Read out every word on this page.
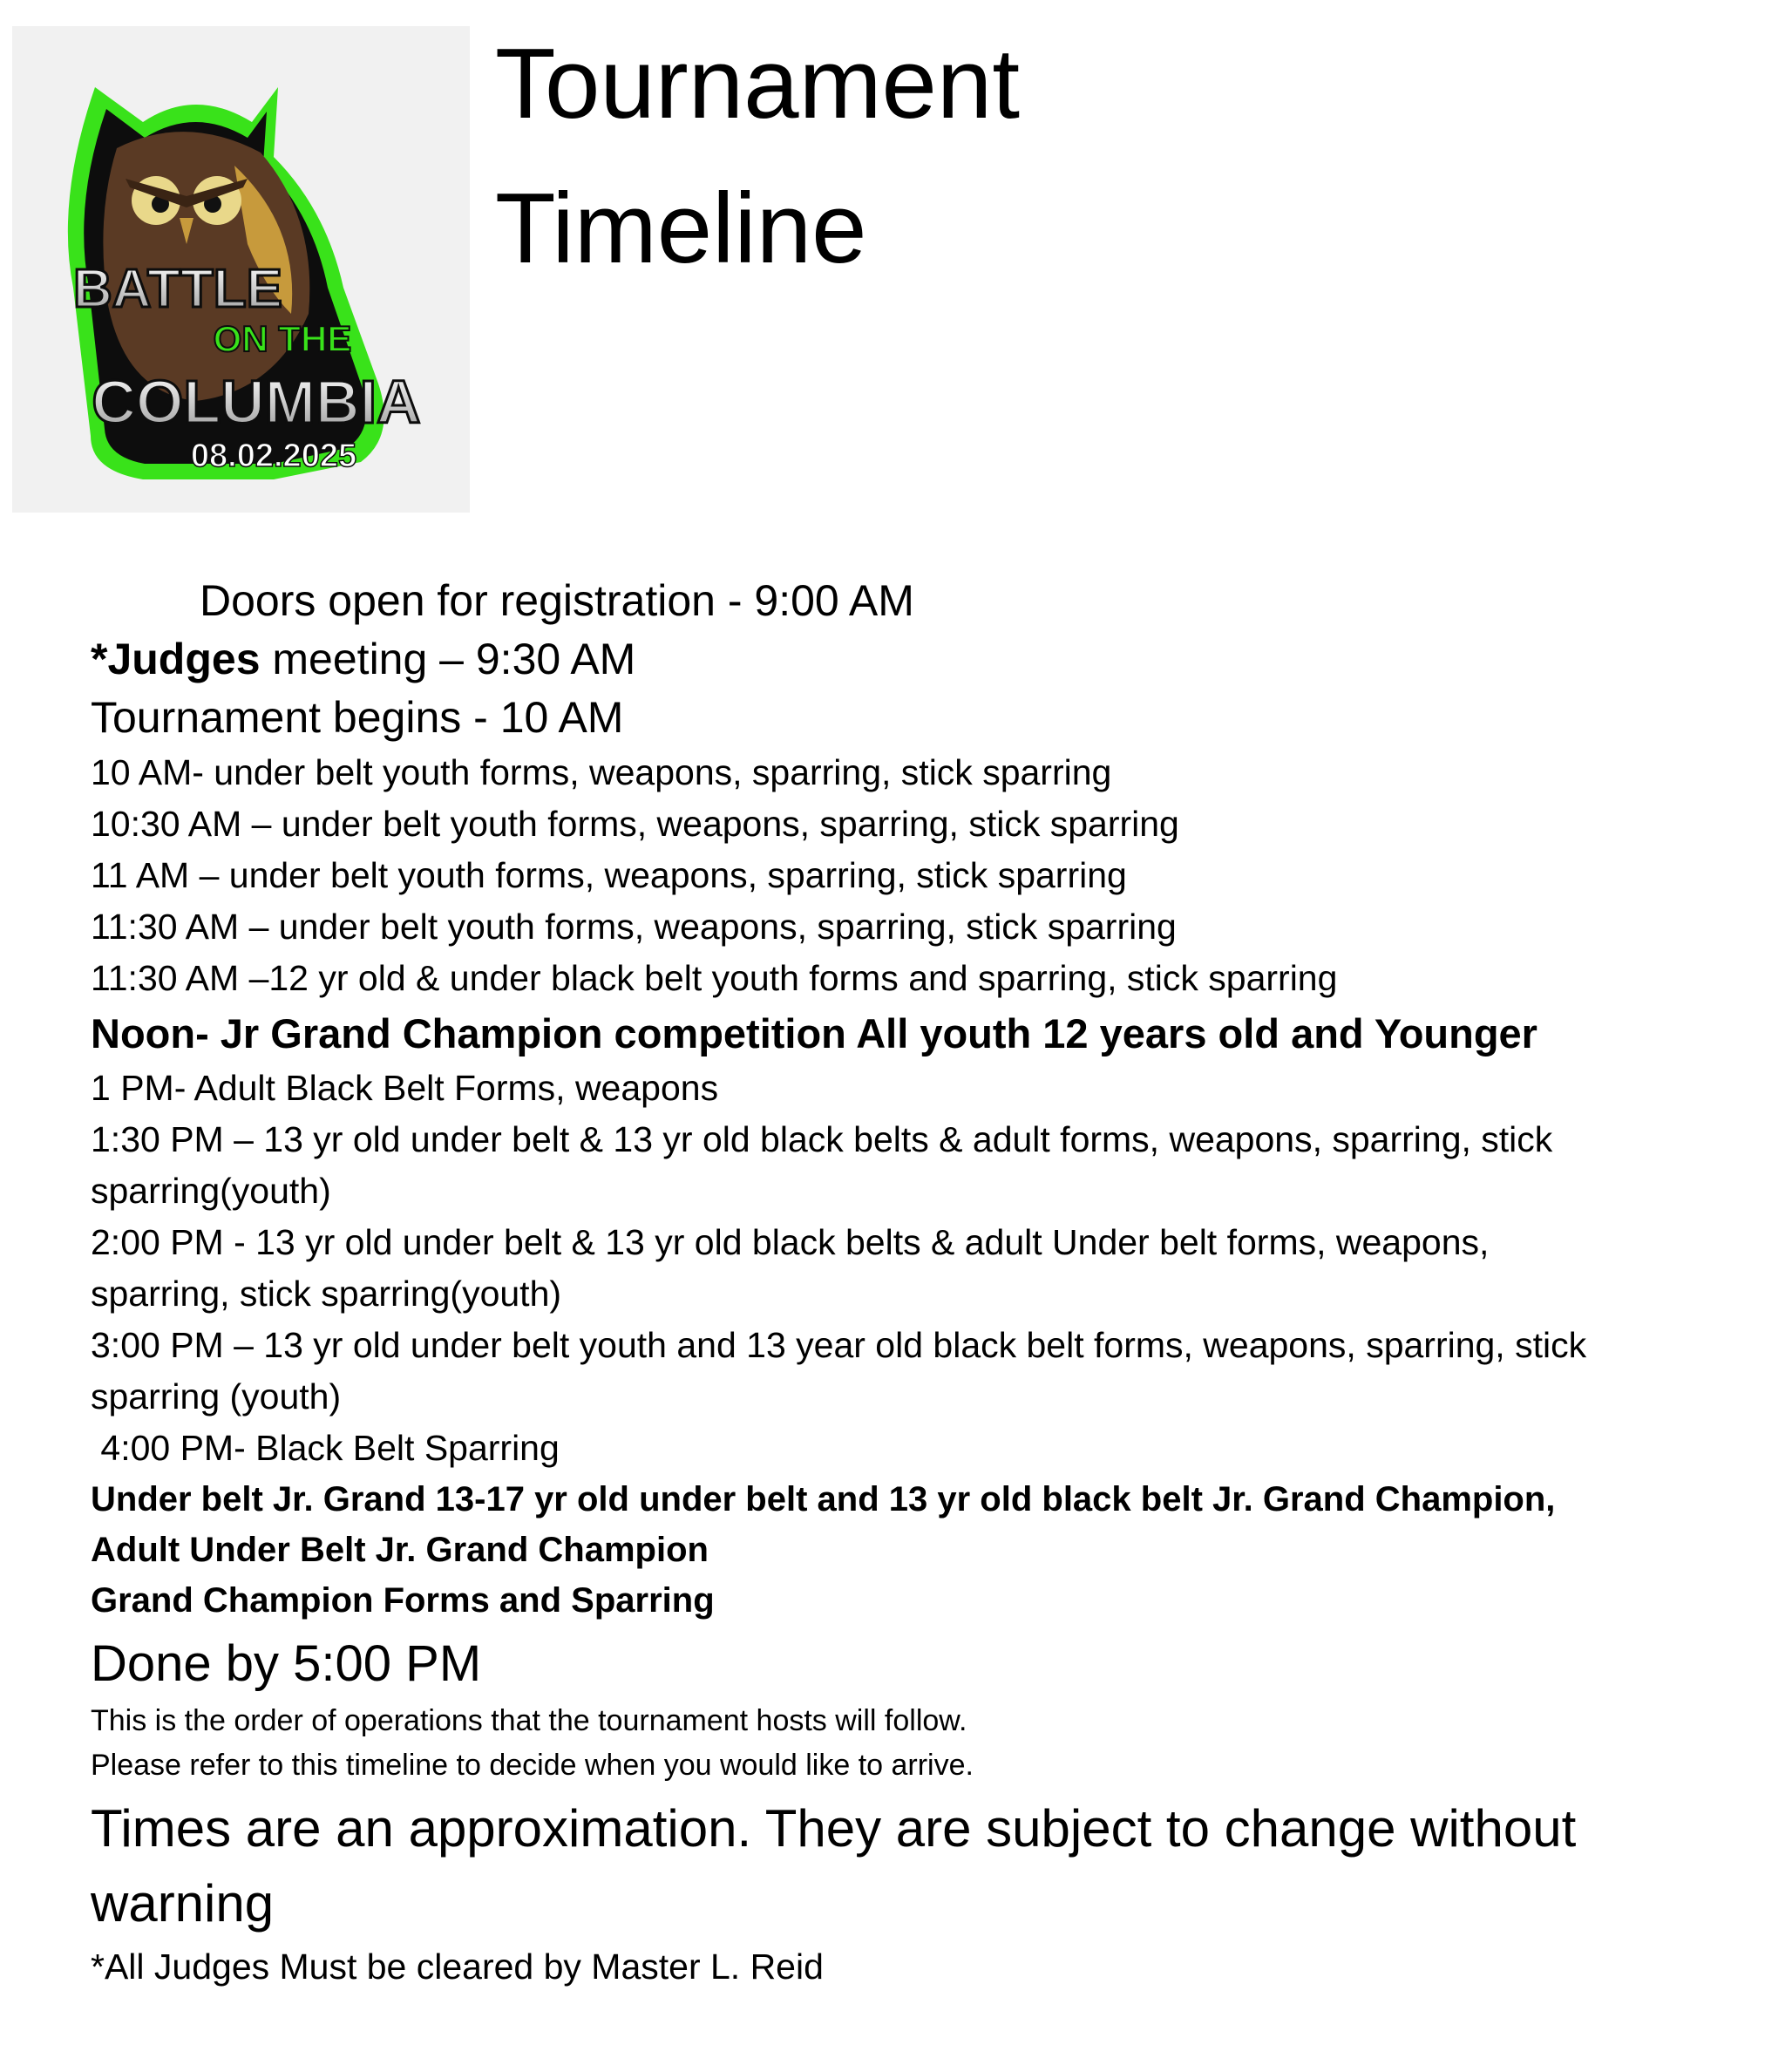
BATTLE
ON THE
COLUMBIA
08.02.2025
Tournament
Timeline

Doors open for registration - 9:00 AM

*Judges meeting – 9:30 AM

Tournament begins - 10 AM

10 AM- under belt youth forms, weapons, sparring, stick sparring

10:30 AM – under belt youth forms, weapons, sparring, stick sparring

11 AM – under belt youth forms, weapons, sparring, stick sparring

11:30 AM – under belt youth forms, weapons, sparring, stick sparring

11:30 AM –12 yr old & under black belt youth forms and sparring, stick sparring

Noon- Jr Grand Champion competition All youth 12 years old and Younger

1 PM- Adult Black Belt Forms, weapons

1:30 PM – 13 yr old under belt & 13 yr old black belts & adult forms, weapons, sparring, stick

sparring(youth)

2:00 PM - 13 yr old under belt & 13 yr old black belts & adult Under belt forms, weapons,

sparring, stick sparring(youth)

3:00 PM – 13 yr old under belt youth and 13 year old black belt forms, weapons, sparring, stick

sparring (youth)

4:00 PM- Black Belt Sparring

Under belt Jr. Grand 13-17 yr old under belt and 13 yr old black belt Jr. Grand Champion,

Adult Under Belt Jr. Grand Champion

Grand Champion Forms and Sparring

Done by 5:00 PM

This is the order of operations that the tournament hosts will follow.

Please refer to this timeline to decide when you would like to arrive.

Times are an approximation. They are subject to change without

warning

*All Judges Must be cleared by Master L. Reid
